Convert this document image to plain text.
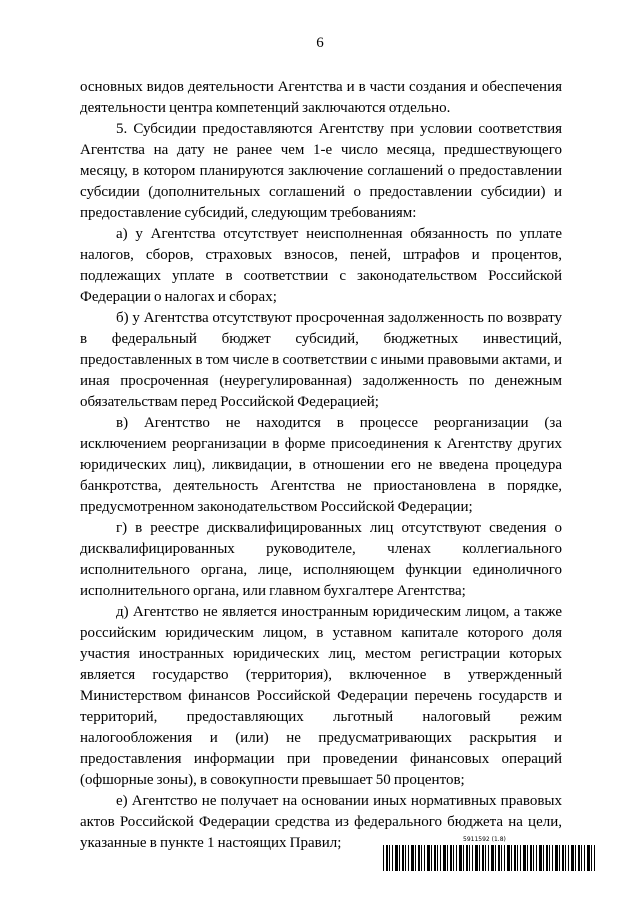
6

основных видов деятельности Агентства и в части создания и обеспечения деятельности центра компетенций заключаются отдельно.

5. Субсидии предоставляются Агентству при условии соответствия Агентства на дату не ранее чем 1-е число месяца, предшествующего месяцу, в котором планируются заключение соглашений о предоставлении субсидии (дополнительных соглашений о предоставлении субсидии) и предоставление субсидий, следующим требованиям:

а) у Агентства отсутствует неисполненная обязанность по уплате налогов, сборов, страховых взносов, пеней, штрафов и процентов, подлежащих уплате в соответствии с законодательством Российской Федерации о налогах и сборах;

б) у Агентства отсутствуют просроченная задолженность по возврату в федеральный бюджет субсидий, бюджетных инвестиций, предоставленных в том числе в соответствии с иными правовыми актами, и иная просроченная (неурегулированная) задолженность по денежным обязательствам перед Российской Федерацией;

в) Агентство не находится в процессе реорганизации (за исключением реорганизации в форме присоединения к Агентству других юридических лиц), ликвидации, в отношении его не введена процедура банкротства, деятельность Агентства не приостановлена в порядке, предусмотренном законодательством Российской Федерации;

г) в реестре дисквалифицированных лиц отсутствуют сведения о дисквалифицированных руководителе, членах коллегиального исполнительного органа, лице, исполняющем функции единоличного исполнительного органа, или главном бухгалтере Агентства;

д) Агентство не является иностранным юридическим лицом, а также российским юридическим лицом, в уставном капитале которого доля участия иностранных юридических лиц, местом регистрации которых является государство (территория), включенное в утвержденный Министерством финансов Российской Федерации перечень государств и территорий, предоставляющих льготный налоговый режим налогообложения и (или) не предусматривающих раскрытия и предоставления информации при проведении финансовых операций (офшорные зоны), в совокупности превышает 50 процентов;

е) Агентство не получает на основании иных нормативных правовых актов Российской Федерации средства из федерального бюджета на цели, указанные в пункте 1 настоящих Правил;	5911592 (1.8)
